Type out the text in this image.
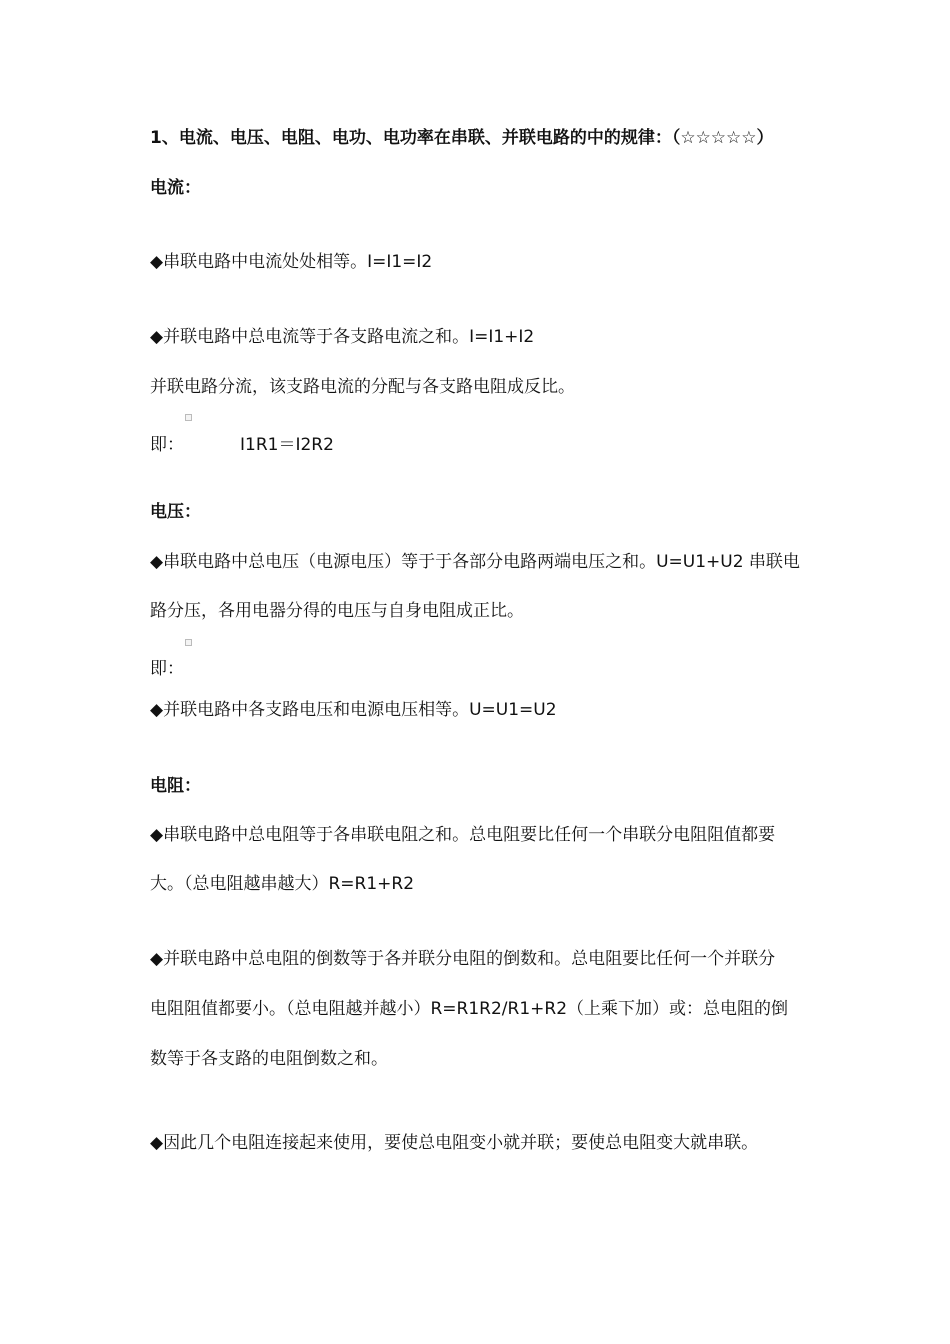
1、电流、电压、电阻、电功、电功率在串联、并联电路的中的规律：（☆☆☆☆☆）
电流：
◆串联电路中电流处处相等。I=I1=I2
◆并联电路中总电流等于各支路电流之和。I=I1+I2
并联电路分流，该支路电流的分配与各支路电阻成反比。
即：	I1R1＝I2R2
电压：
◆串联电路中总电压（电源电压）等于于各部分电路两端电压之和。U=U1+U2 串联电
路分压，各用电器分得的电压与自身电阻成正比。
即：
◆并联电路中各支路电压和电源电压相等。U=U1=U2
电阻：
◆串联电路中总电阻等于各串联电阻之和。总电阻要比任何一个串联分电阻阻值都要
大。（总电阻越串越大）R=R1+R2
◆并联电路中总电阻的倒数等于各并联分电阻的倒数和。总电阻要比任何一个并联分
电阻阻值都要小。（总电阻越并越小）R=R1R2/R1+R2（上乘下加）或：总电阻的倒
数等于各支路的电阻倒数之和。
◆因此几个电阻连接起来使用，要使总电阻变小就并联；要使总电阻变大就串联。
